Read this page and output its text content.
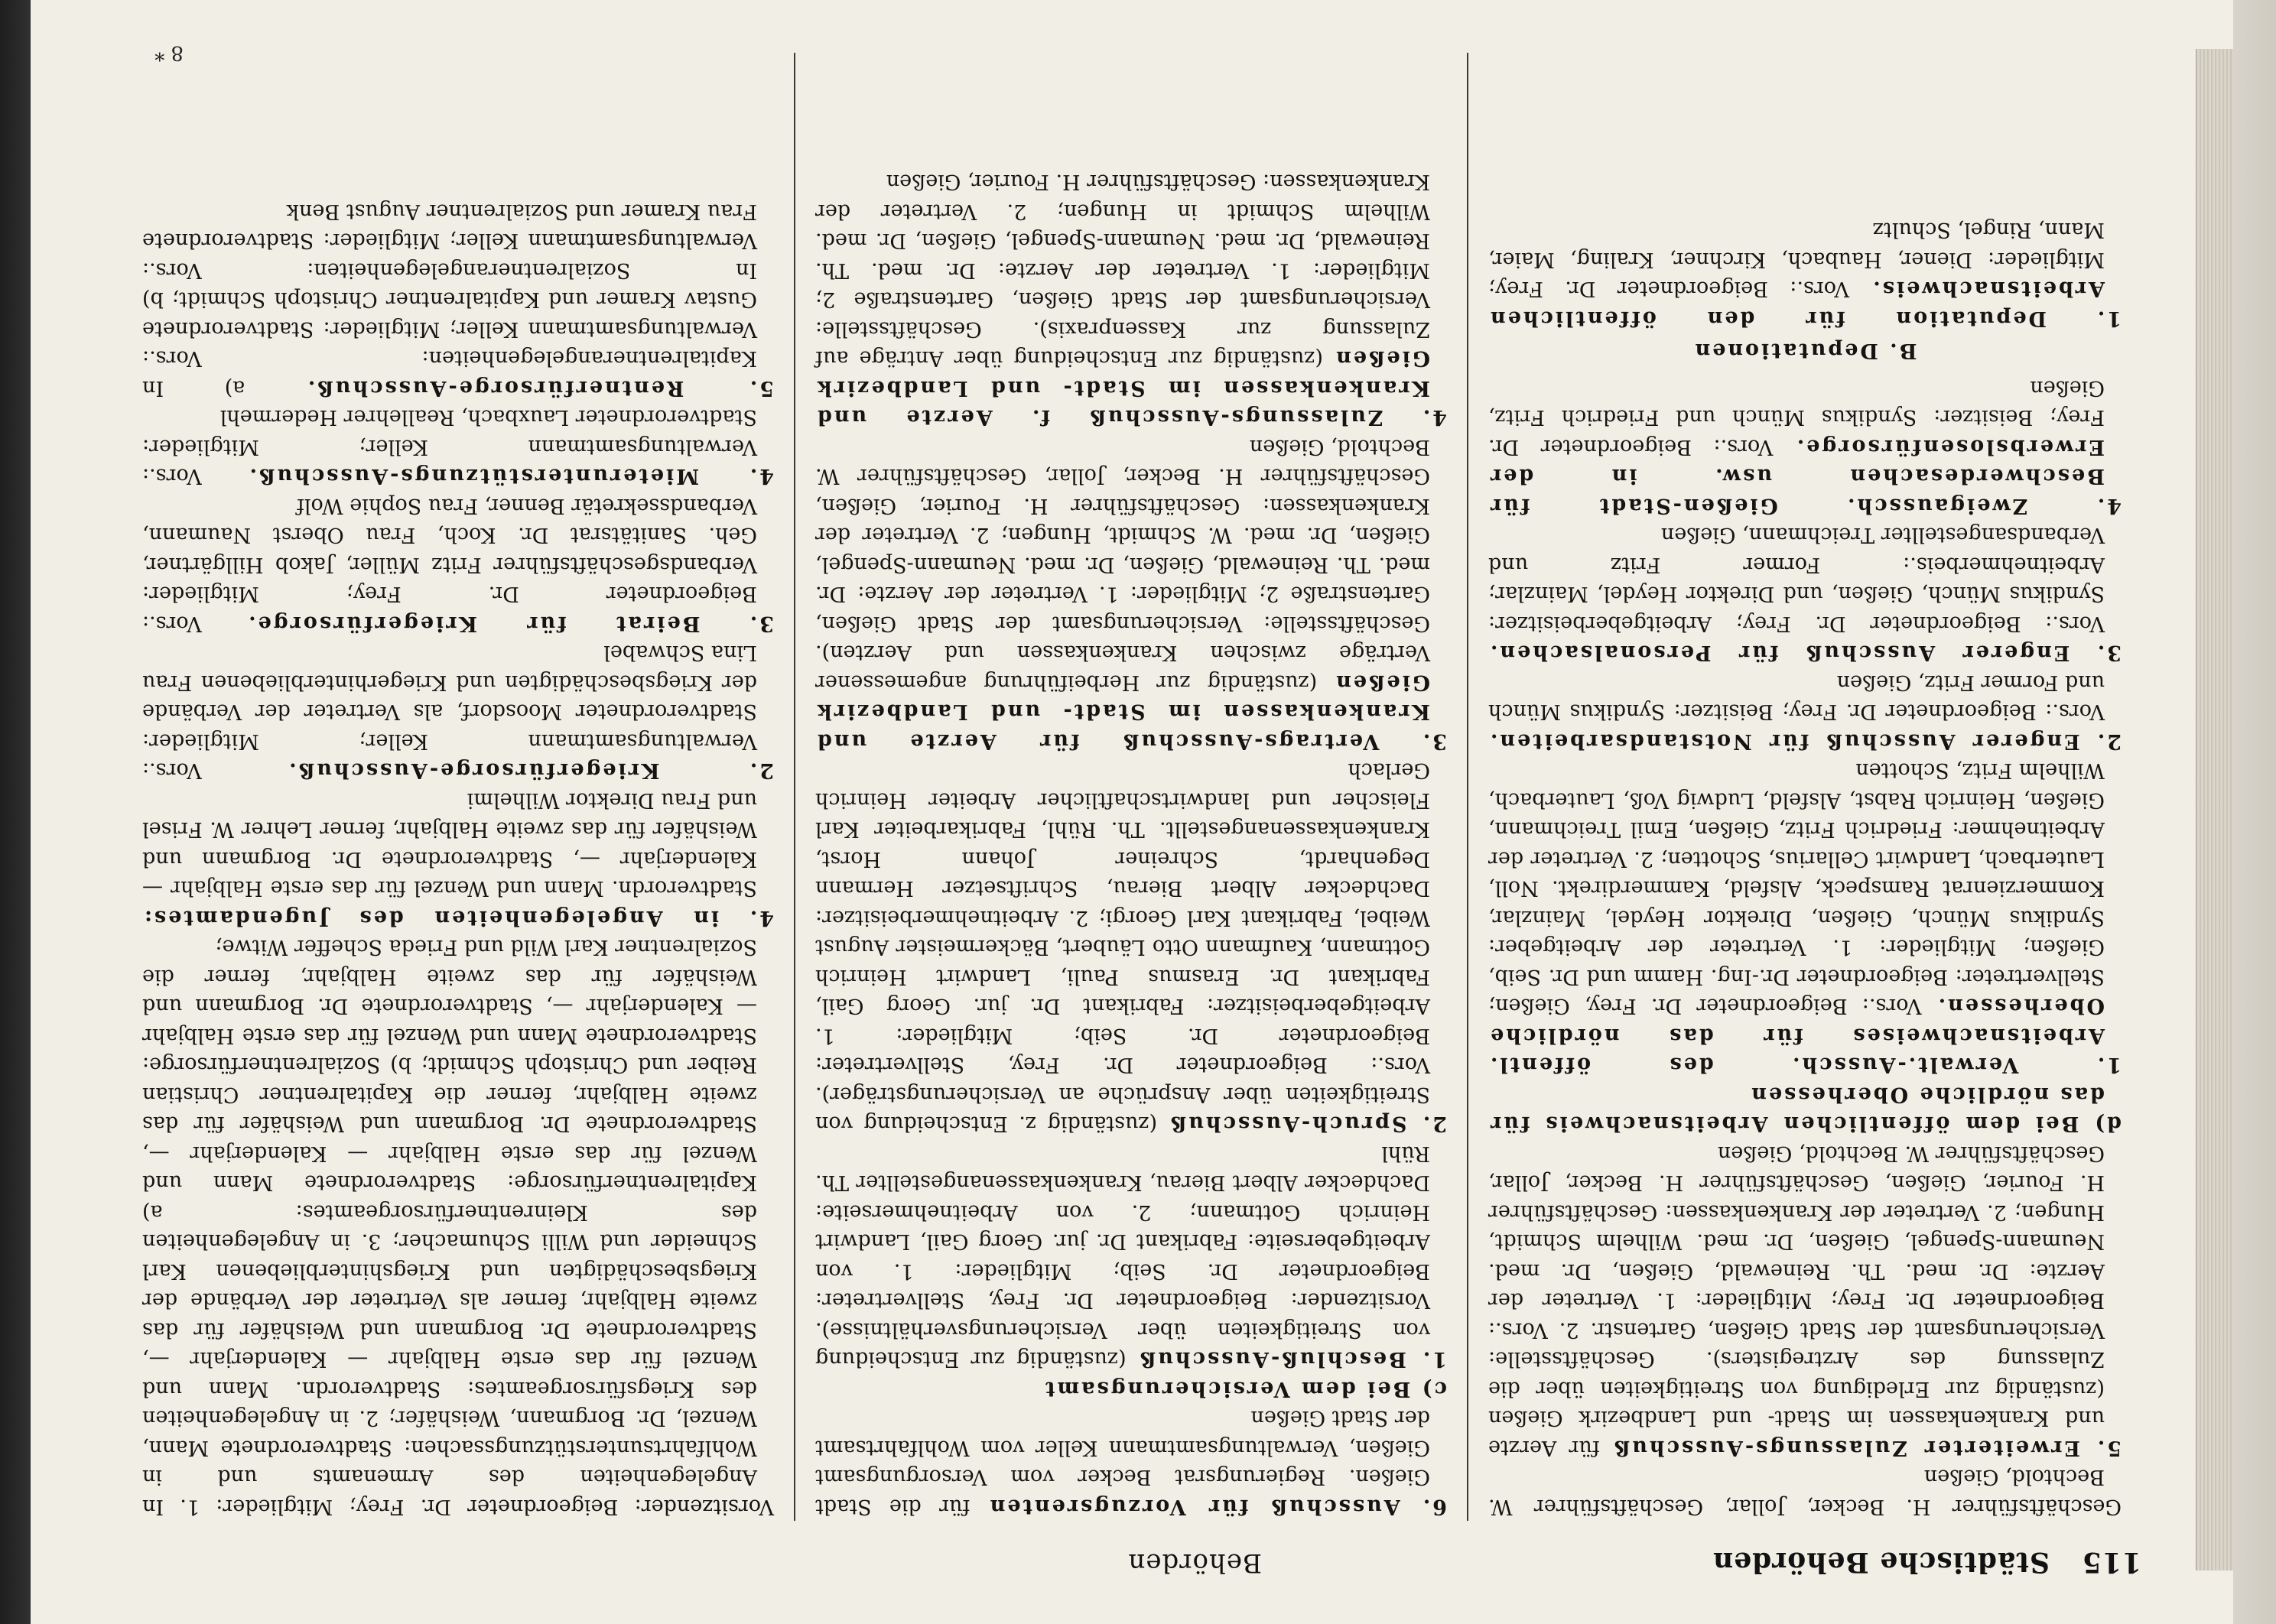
115
Städtische Behörden
Behörden

Geschäftsführer H. Becker, Jollar, Geschäftsführer W. Bechtold, Gießen

5. Erweiterter Zulassungs-Ausschuß für Aerzte und Krankenkassen im Stadt- und Landbezirk Gießen (zuständig zur Erledigung von Streitigkeiten über die Zulassung des Arztregisters). Geschäftsstelle: Versicherungsamt der Stadt Gießen, Gartenstr. 2. Vors.: Beigeordneter Dr. Frey; Mitglieder: 1. Vertreter der Aerzte: Dr. med. Th. Reinewald, Gießen, Dr. med. Neumann-Spengel, Gießen, Dr. med. Wilhelm Schmidt, Hungen; 2. Vertreter der Krankenkassen: Geschäftsführer H. Fourier, Gießen, Geschäftsführer H. Becker, Jollar, Geschäftsführer W. Bechtold, Gießen

d) Bei dem öffentlichen Arbeitsnachweis für das nördliche Oberhessen

1. Verwalt.-Aussch. des öffentl. Arbeitsnachweises für das nördliche Oberhessen. Vors.: Beigeordneter Dr. Frey, Gießen; Stellvertreter: Beigeordneter Dr.-Ing. Hamm und Dr. Seib, Gießen; Mitglieder: 1. Vertreter der Arbeitgeber: Syndikus Münch, Gießen, Direktor Heydel, Mainzlar, Kommerzienrat Ramspeck, Alsfeld, Kammerdirekt. Noll, Lauterbach, Landwirt Cellarius, Schotten; 2. Vertreter der Arbeitnehmer: Friedrich Fritz, Gießen, Emil Treichmann, Gießen, Heinrich Rabst, Alsfeld, Ludwig Voß, Lauterbach, Wilhelm Fritz, Schotten

2. Engerer Ausschuß für Notstandsarbeiten. Vors.: Beigeordneter Dr. Frey; Beisitzer: Syndikus Münch und Former Fritz, Gießen

3. Engerer Ausschuß für Personalsachen. Vors.: Beigeordneter Dr. Frey; Arbeitgeberbeisitzer: Syndikus Münch, Gießen, und Direktor Heydel, Mainzlar; Arbeitnehmerbeis.: Former Fritz und Verbandsangestellter Treichmann, Gießen

4. Zweigaussch. Gießen-Stadt für Beschwerdesachen usw. in der Erwerbslosenfürsorge. Vors.: Beigeordneter Dr. Frey; Beisitzer: Syndikus Münch und Friedrich Fritz, Gießen

B. Deputationen

1. Deputation für den öffentlichen Arbeitsnachweis. Vors.: Beigeordneter Dr. Frey; Mitglieder: Diener, Haubach, Kirchner, Kraling, Maier, Mann, Ringel, Schultz

6. Ausschuß für Vorzugsrenten für die Stadt Gießen. Regierungsrat Becker vom Versorgungsamt Gießen, Verwaltungsamtmann Keller vom Wohlfahrtsamt der Stadt Gießen

c) Bei dem Versicherungsamt

1. Beschluß-Ausschuß (zuständig zur Entscheidung von Streitigkeiten über Versicherungsverhältnisse). Vorsitzender: Beigeordneter Dr. Frey, Stellvertreter: Beigeordneter Dr. Seib; Mitglieder: 1. von Arbeitgeberseite: Fabrikant Dr. jur. Georg Gail, Landwirt Heinrich Gottmann; 2. von Arbeitnehmerseite: Dachdecker Albert Bierau, Krankenkassenangestellter Th. Rühl

2. Spruch-Ausschuß (zuständig z. Entscheidung von Streitigkeiten über Ansprüche an Versicherungsträger). Vors.: Beigeordneter Dr. Frey, Stellvertreter: Beigeordneter Dr. Seib; Mitglieder: 1. Arbeitgeberbeisitzer: Fabrikant Dr. jur. Georg Gail, Fabrikant Dr. Erasmus Pauli, Landwirt Heinrich Gottmann, Kaufmann Otto Läubert, Bäckermeister August Weibel, Fabrikant Karl Georgi; 2. Arbeitnehmerbeisitzer: Dachdecker Albert Bierau, Schriftsetzer Hermann Degenhardt, Schreiner Johann Horst, Krankenkassenangestellt. Th. Rühl, Fabrikarbeiter Karl Fleischer und landwirtschaftlicher Arbeiter Heinrich Gerlach

3. Vertrags-Ausschuß für Aerzte und Krankenkassen im Stadt- und Landbezirk Gießen (zuständig zur Herbeiführung angemessener Verträge zwischen Krankenkassen und Aerzten). Geschäftsstelle: Versicherungsamt der Stadt Gießen, Gartenstraße 2; Mitglieder: 1. Vertreter der Aerzte: Dr. med. Th. Reinewald, Gießen, Dr. med. Neumann-Spengel, Gießen, Dr. med. W. Schmidt, Hungen; 2. Vertreter der Krankenkassen: Geschäftsführer H. Fourier, Gießen, Geschäftsführer H. Becker, Jollar, Geschäftsführer W. Bechtold, Gießen

4. Zulassungs-Ausschuß f. Aerzte und Krankenkassen im Stadt- und Landbezirk Gießen (zuständig zur Entscheidung über Anträge auf Zulassung zur Kassenpraxis). Geschäftsstelle: Versicherungsamt der Stadt Gießen, Gartenstraße 2; Mitglieder: 1. Vertreter der Aerzte: Dr. med. Th. Reinewald, Dr. med. Neumann-Spengel, Gießen, Dr. med. Wilhelm Schmidt in Hungen; 2. Vertreter der Krankenkassen: Geschäftsführer H. Fourier, Gießen

Vorsitzender: Beigeordneter Dr. Frey; Mitglieder: 1. In Angelegenheiten des Armenamts und in Wohlfahrtsunterstützungssachen: Stadtverordnete Mann, Wenzel, Dr. Borgmann, Weishäfer; 2. in Angelegenheiten des Kriegsfürsorgeamtes: Stadtverordn. Mann und Wenzel für das erste Halbjahr — Kalenderjahr —, Stadtverordnete Dr. Borgmann und Weishäfer für das zweite Halbjahr, ferner als Vertreter der Verbände der Kriegsbeschädigten und Kriegshinterbliebenen Karl Schneider und Willi Schumacher; 3. in Angelegenheiten des Kleinrentnerfürsorgeamtes: a) Kapitalrentnerfürsorge: Stadtverordnete Mann und Wenzel für das erste Halbjahr — Kalenderjahr —, Stadtverordnete Dr. Borgmann und Weishäfer für das zweite Halbjahr, ferner die Kapitalrentner Christian Reiber und Christoph Schmidt; b) Sozialrentnerfürsorge: Stadtverordnete Mann und Wenzel für das erste Halbjahr — Kalenderjahr —, Stadtverordnete Dr. Borgmann und Weishäfer für das zweite Halbjahr, ferner die Sozialrentner Karl Wild und Frieda Scheffer Witwe;

4. in Angelegenheiten des Jugendamtes: Stadtverordn. Mann und Wenzel für das erste Halbjahr — Kalenderjahr —, Stadtverordnete Dr. Borgmann und Weishäfer für das zweite Halbjahr, ferner Lehrer W. Frisel und Frau Direktor Wilhelmi

2. Kriegerfürsorge-Ausschuß. Vors.: Verwaltungsamtmann Keller; Mitglieder: Stadtverordneter Moosdorf, als Vertreter der Verbände der Kriegsbeschädigten und Kriegerhinterbliebenen Frau Lina Schwabel

3. Beirat für Kriegerfürsorge. Vors.: Beigeordneter Dr. Frey; Mitglieder: Verbandsgeschäftsführer Fritz Müller, Jakob Hillgärtner, Geh. Sanitätsrat Dr. Koch, Frau Oberst Naumann, Verbandssekretär Benner, Frau Sophie Wolf

4. Mieterunterstützungs-Ausschuß. Vors.: Verwaltungsamtmann Keller; Mitglieder: Stadtverordneter Lauxbach, Reallehrer Hedermehl

5. Rentnerfürsorge-Ausschuß. a) In Kapitalrentnerangelegenheiten: Vors.: Verwaltungsamtmann Keller; Mitglieder: Stadtverordnete Gustav Kramer und Kapitalrentner Christoph Schmidt; b) In Sozialrentnerangelegenheiten: Vors.: Verwaltungsamtmann Keller; Mitglieder: Stadtverordnete Frau Kramer und Sozialrentner August Benk

8 *
